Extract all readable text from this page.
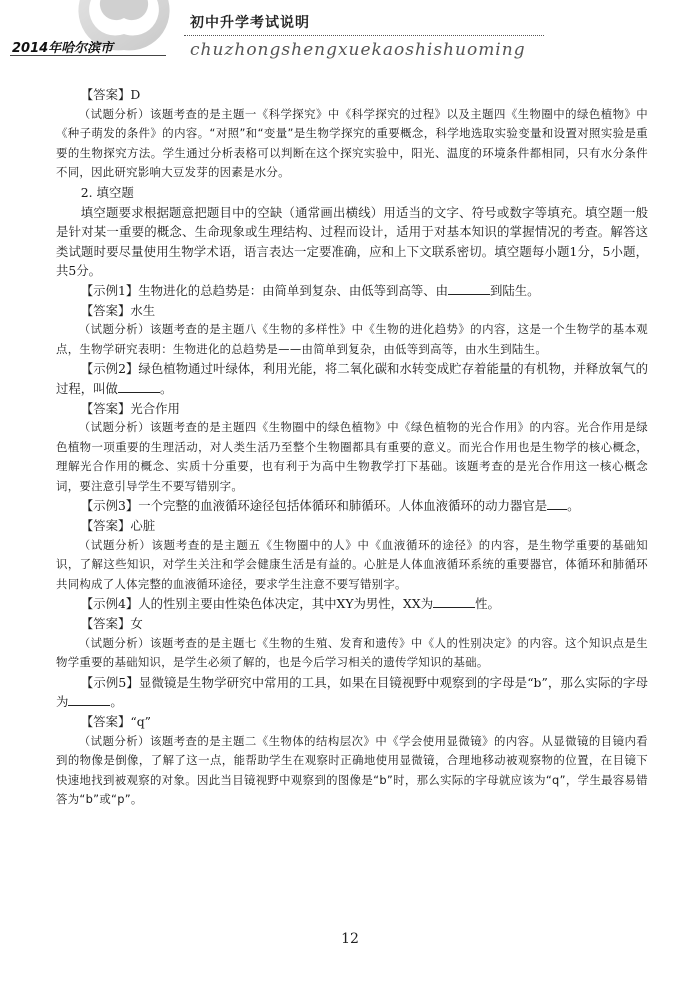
初中升学考试说明
2014年哈尔滨市	chuzhongshengxuekaoshishuoming

【答案】D

（试题分析）该题考查的是主题一《科学探究》中《科学探究的过程》以及主题四《生物圈中的绿色植物》中《种子萌发的条件》的内容。“对照”和“变量”是生物学探究的重要概念，科学地选取实验变量和设置对照实验是重要的生物探究方法。学生通过分析表格可以判断在这个探究实验中，阳光、温度的环境条件都相同，只有水分条件不同，因此研究影响大豆发芽的因素是水分。

2. 填空题

填空题要求根据题意把题目中的空缺（通常画出横线）用适当的文字、符号或数字等填充。填空题一般是针对某一重要的概念、生命现象或生理结构、过程而设计，适用于对基本知识的掌握情况的考查。解答这类试题时要尽量使用生物学术语，语言表达一定要准确，应和上下文联系密切。填空题每小题1分，5小题，共5分。

【示例1】生物进化的总趋势是：由简单到复杂、由低等到高等、由	到陆生。

【答案】水生

（试题分析）该题考查的是主题八《生物的多样性》中《生物的进化趋势》的内容，这是一个生物学的基本观点，生物学研究表明：生物进化的总趋势是——由简单到复杂，由低等到高等，由水生到陆生。

【示例2】绿色植物通过叶绿体，利用光能，将二氧化碳和水转变成贮存着能量的有机物，并释放氧气的过程，叫做	。

【答案】光合作用

（试题分析）该题考查的是主题四《生物圈中的绿色植物》中《绿色植物的光合作用》的内容。光合作用是绿色植物一项重要的生理活动，对人类生活乃至整个生物圈都具有重要的意义。而光合作用也是生物学的核心概念，理解光合作用的概念、实质十分重要，也有利于为高中生物教学打下基础。该题考查的是光合作用这一核心概念词，要注意引导学生不要写错别字。

【示例3】一个完整的血液循环途径包括体循环和肺循环。人体血液循环的动力器官是 。

【答案】心脏

（试题分析）该题考查的是主题五《生物圈中的人》中《血液循环的途径》的内容，是生物学重要的基础知识，了解这些知识，对学生关注和学会健康生活是有益的。心脏是人体血液循环系统的重要器官，体循环和肺循环共同构成了人体完整的血液循环途径，要求学生注意不要写错别字。

【示例4】人的性别主要由性染色体决定，其中XY为男性，XX为	性。

【答案】女

（试题分析）该题考查的是主题七《生物的生殖、发育和遗传》中《人的性别决定》的内容。这个知识点是生物学重要的基础知识，是学生必须了解的，也是今后学习相关的遗传学知识的基础。

【示例5】显微镜是生物学研究中常用的工具，如果在目镜视野中观察到的字母是“b”，那么实际的字母为	。

【答案】“q”

（试题分析）该题考查的是主题二《生物体的结构层次》中《学会使用显微镜》的内容。从显微镜的目镜内看到的物像是倒像，了解了这一点，能帮助学生在观察时正确地使用显微镜，合理地移动被观察物的位置，在目镜下快速地找到被观察的对象。因此当目镜视野中观察到的图像是“b”时，那么实际的字母就应该为“q”，学生最容易错答为“b”或“p”。

12
